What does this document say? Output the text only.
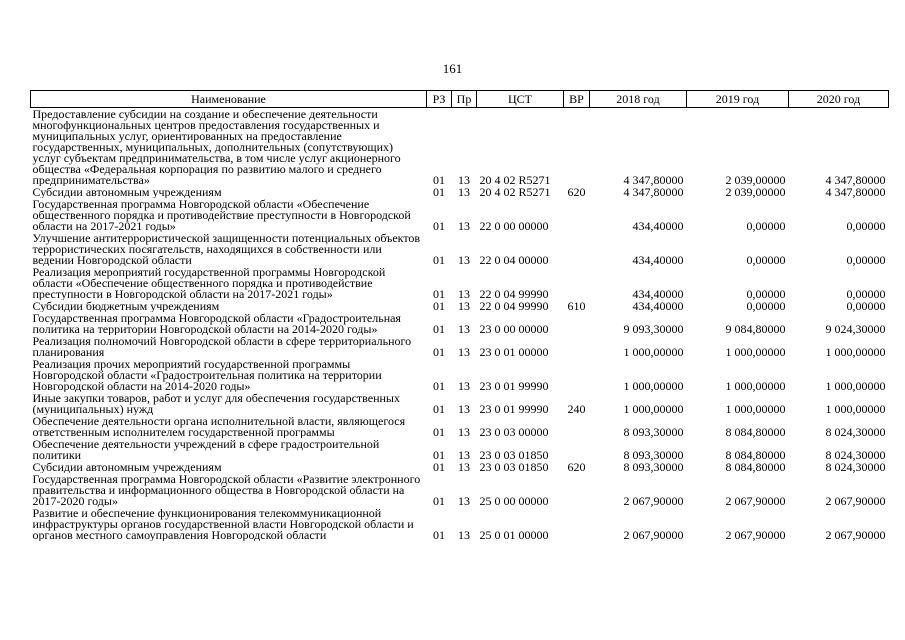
161
Наименование	РЗ	Пр	ЦСТ	ВР	2018 год	2019 год	2020 год
Предоставление субсидии на создание и обеспечение деятельности многофункциональных центров предоставления государственных и муниципальных услуг, ориентированных на предоставление государственных, муниципальных, дополнительных (сопутствующих) услуг субъектам предпринимательства, в том числе услуг акционерного общества «Федеральная корпорация по развитию малого и среднего предпринимательства»	01	13	20 4 02 R5271		4 347,80000	2 039,00000	4 347,80000
Субсидии автономным учреждениям	01	13	20 4 02 R5271	620	4 347,80000	2 039,00000	4 347,80000
Государственная программа Новгородской области «Обеспечение общественного порядка и противодействие преступности в Новгородской области на 2017-2021 годы»	01	13	22 0 00 00000		434,40000	0,00000	0,00000
Улучшение антитеррористической защищенности потенциальных объектов террористических посягательств, находящихся в собственности или ведении Новгородской области	01	13	22 0 04 00000		434,40000	0,00000	0,00000
Реализация мероприятий государственной программы Новгородской области «Обеспечение общественного порядка и противодействие преступности в Новгородской области на 2017-2021 годы»	01	13	22 0 04 99990		434,40000	0,00000	0,00000
Субсидии бюджетным учреждениям	01	13	22 0 04 99990	610	434,40000	0,00000	0,00000
Государственная программа Новгородской области «Градостроительная политика на территории Новгородской области на 2014-2020 годы»	01	13	23 0 00 00000		9 093,30000	9 084,80000	9 024,30000
Реализация полномочий Новгородской области в сфере территориального планирования	01	13	23 0 01 00000		1 000,00000	1 000,00000	1 000,00000
Реализация прочих мероприятий государственной программы Новгородской области «Градостроительная политика на территории Новгородской области на 2014-2020 годы»	01	13	23 0 01 99990		1 000,00000	1 000,00000	1 000,00000
Иные закупки товаров, работ и услуг для обеспечения государственных (муниципальных) нужд	01	13	23 0 01 99990	240	1 000,00000	1 000,00000	1 000,00000
Обеспечение деятельности органа исполнительной власти, являющегося ответственным исполнителем государственной программы	01	13	23 0 03 00000		8 093,30000	8 084,80000	8 024,30000
Обеспечение деятельности учреждений в сфере градостроительной политики	01	13	23 0 03 01850		8 093,30000	8 084,80000	8 024,30000
Субсидии автономным учреждениям	01	13	23 0 03 01850	620	8 093,30000	8 084,80000	8 024,30000
Государственная программа Новгородской области «Развитие электронного правительства и информационного общества в Новгородской области на 2017-2020 годы»	01	13	25 0 00 00000		2 067,90000	2 067,90000	2 067,90000
Развитие и обеспечение функционирования телекоммуникационной инфраструктуры органов государственной власти Новгородской области и органов местного самоуправления Новгородской области	01	13	25 0 01 00000		2 067,90000	2 067,90000	2 067,90000
